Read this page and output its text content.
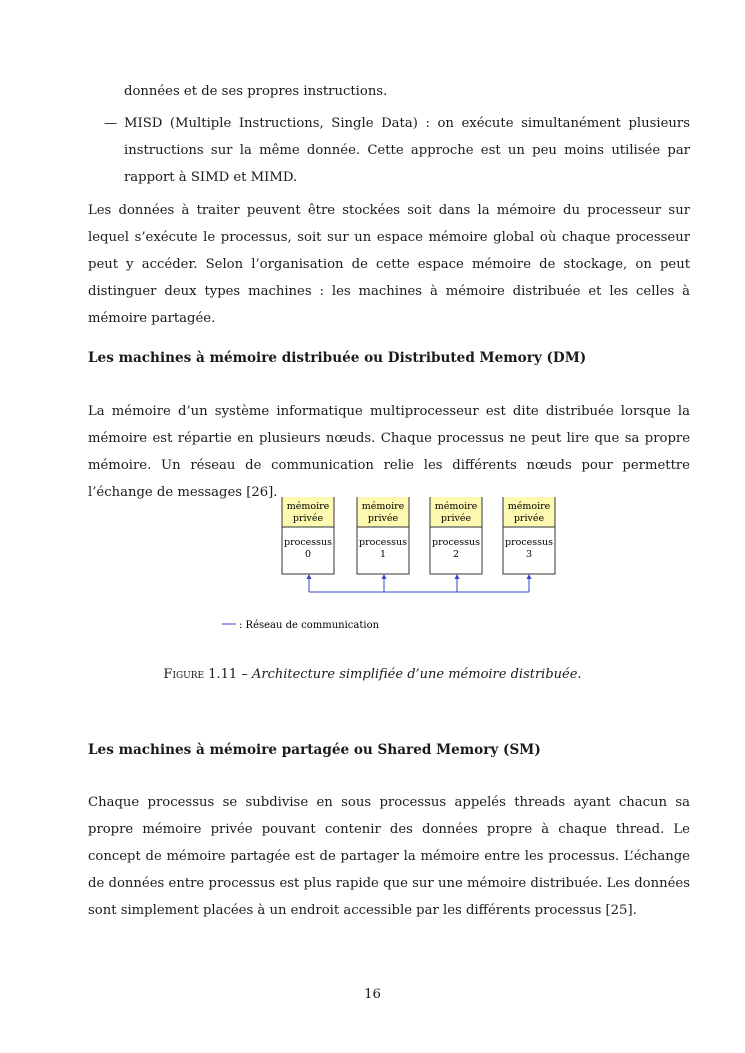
données et de ses propres instructions.
— MISD (Multiple Instructions, Single Data) : on exécute simultanément plusieurs instructions sur la même donnée. Cette approche est un peu moins utilisée par rapport à SIMD et MIMD.
Les données à traiter peuvent être stockées soit dans la mémoire du processeur sur lequel s’exécute le processus, soit sur un espace mémoire global où chaque processeur peut y accéder. Selon l’organisation de cette espace mémoire de stockage, on peut distinguer deux types machines : les machines à mémoire distribuée et les celles à mémoire partagée.
Les machines à mémoire distribuée ou Distributed Memory (DM)
La mémoire d’un système informatique multiprocesseur est dite distribuée lorsque la mémoire est répartie en plusieurs nœuds. Chaque processus ne peut lire que sa propre mémoire. Un réseau de communication relie les différents nœuds pour permettre l’échange de messages [26].
mémoire
privée
processus
0
mémoire
privée
processus
1
mémoire
privée
processus
2
mémoire
privée
processus
3
: Réseau de communication
Figure 1.11 – Architecture simplifiée d’une mémoire distribuée.
Les machines à mémoire partagée ou Shared Memory (SM)
Chaque processus se subdivise en sous processus appelés threads ayant chacun sa propre mémoire privée pouvant contenir des données propre à chaque thread. Le concept de mémoire partagée est de partager la mémoire entre les processus. L’échange de données entre processus est plus rapide que sur une mémoire distribuée. Les données sont simplement placées à un endroit accessible par les différents processus [25].
16
